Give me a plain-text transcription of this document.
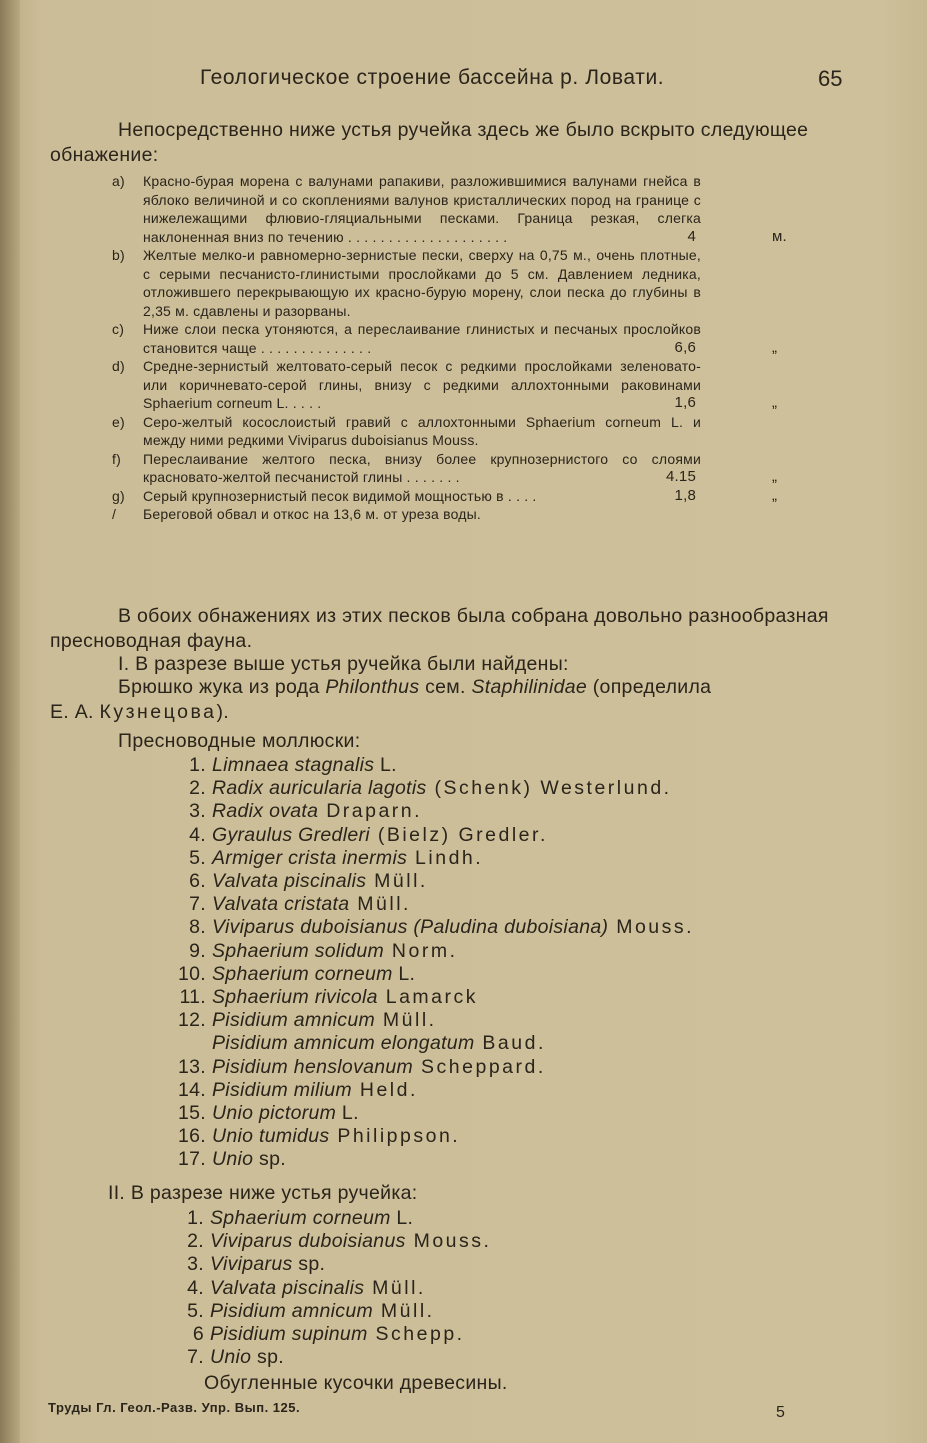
Геологическое строение бассейна р. Ловати.	65
Непосредственно ниже устья ручейка здесь же было вскрыто следующее обнажение:
а) Красно-бурая морена с валунами рапакиви, разложившимися валунами гнейса в яблоко величиной и со скоплениями валунов кристаллических пород на границе с нижележащими флювио-гляциальными песками. Граница резкая, слегка наклоненная вниз по течению . . . . . . . . . . . . . . . . . . . .	4	м.
b) Желтые мелко-и равномерно-зернистые пески, сверху на 0,75 м., очень плотные, с серыми песчанисто-глинистыми прослойками до 5 см. Давлением ледника, отложившего перекрывающую их красно-бурую морену, слои песка до глубины в 2,35 м. сдавлены и разорваны.
c) Ниже слои песка утоняются, а переслаивание глинистых и песчаных прослойков становится чаще . . . . . . . . . . . . . .	6,6	„
d) Средне-зернистый желтовато-серый песок с редкими прослойками зеленовато- или коричневато-серой глины, внизу с редкими аллохтонными раковинами Sphaerium corneum L. . . . .	1,6	„
e) Серо-желтый косослоистый гравий с аллохтонными Sphaerium corneum L. и между ними редкими Viviparus duboisianus Mouss.
f) Переслаивание желтого песка, внизу более крупнозернистого со слоями красновато-желтой песчанистой глины . . . . . . .	4.15	„
g) Серый крупнозернистый песок видимой мощностью в . . . .	1,8	„
/ Береговой обвал и откос на 13,6 м. от уреза воды.
В обоих обнажениях из этих песков была собрана довольно разнообразная пресноводная фауна.
I. В разрезе выше устья ручейка были найдены:
Брюшко жука из рода Philonthus сем. Staphilinidae (определила
Е. А. Кузнецова).
Пресноводные моллюски:
1. Limnaea stagnalis L.
2. Radix auricularia lagotis (Schenk) Westerlund.
3. Radix ovata Draparn.
4. Gyraulus Gredleri (Bielz) Gredler.
5. Armiger crista inermis Lindh.
6. Valvata piscinalis Müll.
7. Valvata cristata Müll.
8. Viviparus duboisianus (Paludina duboisiana) Mouss.
9. Sphaerium solidum Norm.
10. Sphaerium corneum L.
11. Sphaerium rivicola Lamarck
12. Pisidium amnicum Müll.
Pisidium amnicum elongatum Baud.
13. Pisidium henslovanum Scheppard.
14. Pisidium milium Held.
15. Unio pictorum L.
16. Unio tumidus Philippson.
17. Unio sp.
II. В разрезе ниже устья ручейка:
1. Sphaerium corneum L.
2. Viviparus duboisianus Mouss.
3. Viviparus sp.
4. Valvata piscinalis Müll.
5. Pisidium amnicum Müll.
6 Pisidium supinum Schepp.
7. Unio sp.
Обугленные кусочки древесины.
Труды Гл. Геол.-Разв. Упр. Вып. 125.	5
